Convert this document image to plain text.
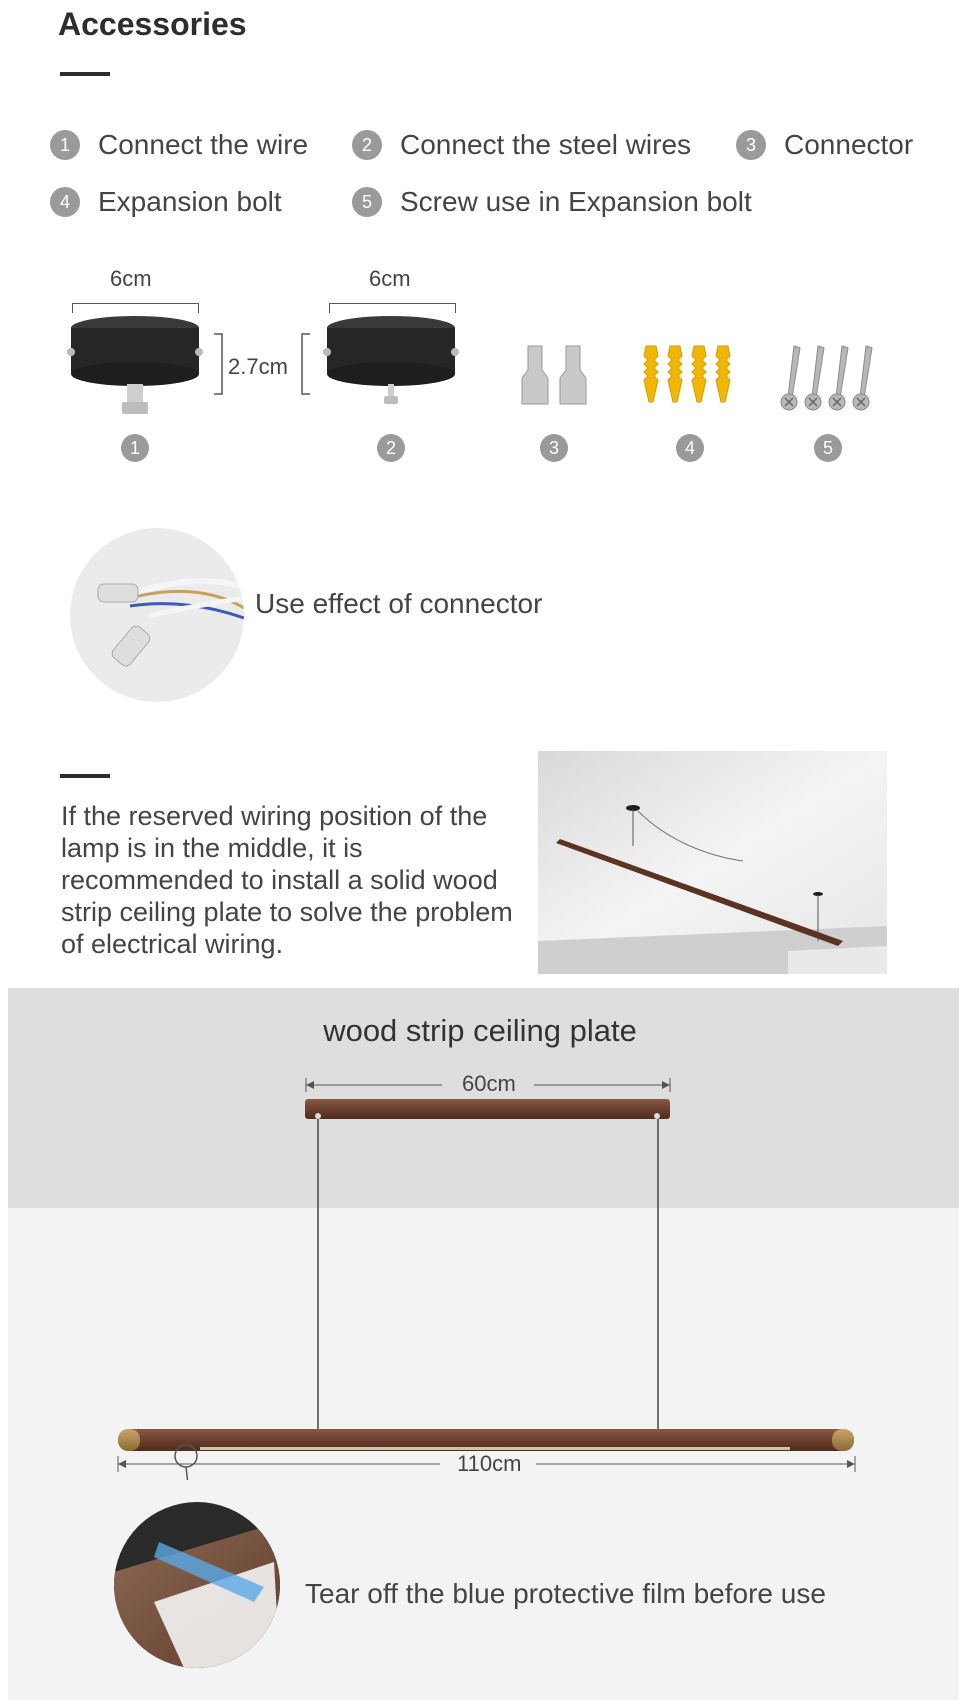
Accessories
1	Connect the wire	2	Connect the steel wires	3	Connector
4	Expansion bolt	5	Screw use in Expansion bolt
6cm
1
2.7cm
6cm
2	3	4	5
Use effect of connector
If the reserved wiring position of the lamp is in the middle, it is recommended to install a solid wood strip ceiling plate to solve the problem of electrical wiring.
wood strip ceiling plate
60cm
110cm
Tear off the blue protective film before use
